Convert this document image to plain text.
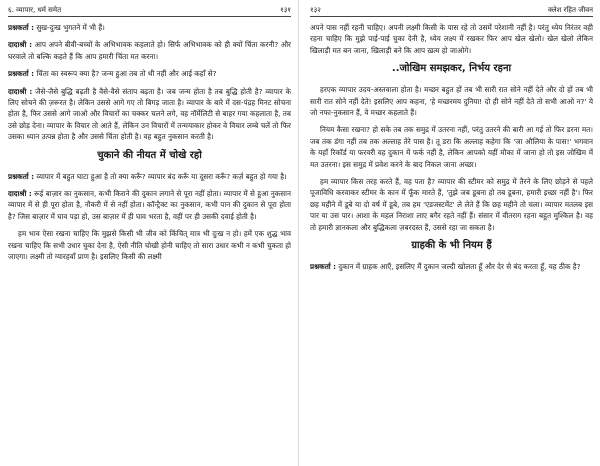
६. व्यापार, धर्म समेत	१३१

प्रश्नकर्ता : सुख-दुःख भुगतने में भी हैं।

दादाश्री : आप अपने बीवी-बच्चों के अभिभावक कहलाते हो। सिर्फ अभिभावक को ही क्यों चिंता करनी? और घरवाले तो बल्कि कहते हैं कि आप हमारी चिंता मत करना।

प्रश्नकर्ता : चिंता का स्वरूप क्या है? जन्म हुआ तब तो थी नहीं और आई कहाँ से?

दादाश्री : जैसे-जैसे बुद्धि बढ़ती है वैसे-वैसे संताप बढ़ता है। जब जन्म होता है तब बुद्धि होती है? व्यापार के लिए सोचने की ज़रूरत है। लेकिन उससे आगे गए तो बिगड़ जाता है। व्यापार के बारे में दस-पंद्रह मिनट सोचना होता है, फिर उससे आगे जाओ और विचारों का चक्कर चलने लगे, वह नॉर्मेलिटी से बाहर गया कहलाता है, तब उसे छोड़ देना। व्यापार के विचार तो आते हैं, लेकिन उन विचारों में तन्मयाकार होकर वे विचार लम्बे चलें तो फिर उसका ध्यान उत्पन्न होता है और उससे चिंता होती है। वह बहुत नुकसान करती है।

चुकाने की नीयत में चोखे रहो

प्रश्नकर्ता : व्यापार में बहुत घाटा हुआ है तो क्या करूँ? व्यापार बंद करूँ या दूसरा करूँ? कर्ज़ बहुत हो गया है।

दादाश्री : रूई बाज़ार का नुकसान, कभी किराने की दुकान लगाने से पूरा नहीं होता। व्यापार में से हुआ नुकसान व्यापार में से ही पूरा होता है, नौकरी में से नहीं होता। कॉन्ट्रैक्ट का नुकसान, कभी पान की दुकान से पूरा होता है? जिस बाज़ार में घाव पड़ा हो, उस बाज़ार में ही घाव भरता है, वहीं पर ही उसकी दवाई होती है।

हम भाव ऐसा रखना चाहिए कि मुझसे किसी भी जीव को किंचित् मात्र भी दुःख न हो। हमें एक शुद्ध भाव रखना चाहिए कि सभी उधार चुका देना है, ऐसी नीति चोखी होनी चाहिए तो सारा उधार कभी न कभी चुकता हो जाएगा। लक्ष्मी तो ग्यारहवाँ प्राण है। इसलिए किसी की लक्ष्मी

१३२	क्लेश रहित जीवन

अपने पास नहीं रहनी चाहिए। अपनी लक्ष्मी किसी के पास रहे तो उसमें परेशानी नहीं है। परंतु ध्येय निरंतर वही रहना चाहिए कि मुझे पाई-पाई चुका देनी है, ध्येय लक्ष्य में रखकर फिर आप खेल खेलो। खेल खेलो लेकिन खिलाड़ी मत बन जाना, खिलाड़ी बने कि आप ख़त्म हो जाओगे।

..जोखिम समझकर, निर्भय रहना

हरएक व्यापार उदय-अस्तवाला होता है। मच्छर बहुत हों तब भी सारी रात सोने नहीं देते और दो हों तब भी सारी रात सोने नहीं देते! इसलिए आप कहना, 'हे मच्छरमय दुनिया! दो ही सोने नहीं देते तो सभी आओ न?' ये जो नफा-नुकसान हैं, वे मच्छर कहलाते हैं।

नियम कैसा रखना? हो सके तब तक समुद्र में उतरना नहीं, परंतु उतरने की बारी आ गई तो फिर डरना मत। जब तक डंगा नहीं तब तक अल्लाह तेरे पास है। तू डरा कि अल्लाह कहेगा कि 'जा औलिया के पास!' भगवान के यहाँ रिकॉर्ड या फरवरी वह दुकान में फर्क नहीं है, लेकिन आपको यहीं मौका में जाना हो तो इस जोखिम में मत उतरना। इस समुद्र में प्रवेश करने के बाद निकल जाना अच्छा।

हम व्यापार किस तरह करते हैं, वह पता है? व्यापार की स्टीमर को समुद्र में तैरने के लिए छोड़ने से पहले पूजाविधि करवाकर स्टीमर के कान में फूँक मारते हैं, 'तुझे जब डूबना हो तब डूबना, हमारी इच्छा नहीं है'। फिर छह महीने में डूबे या दो वर्ष में डूबे, तब हम 'एडजस्टमेंट' ले लेते हैं कि छह महीने तो चला। व्यापार मतलब इस पार या उस पार। आशा के महल निराशा लाए बगैर रहते नहीं हैं। संसार में वीतराग रहना बहुत मुश्किल है। वह तो हमारी ज्ञानकला और बुद्धिकला ज़बरदस्त हैं, उससे रहा जा सकता है।

ग्राहकी के भी नियम हैं

प्रश्नकर्ता : दुकान में ग्राहक आएँ, इसलिए मैं दुकान जल्दी खोलता हूँ और देर से बंद करता हूँ, यह ठीक है?
